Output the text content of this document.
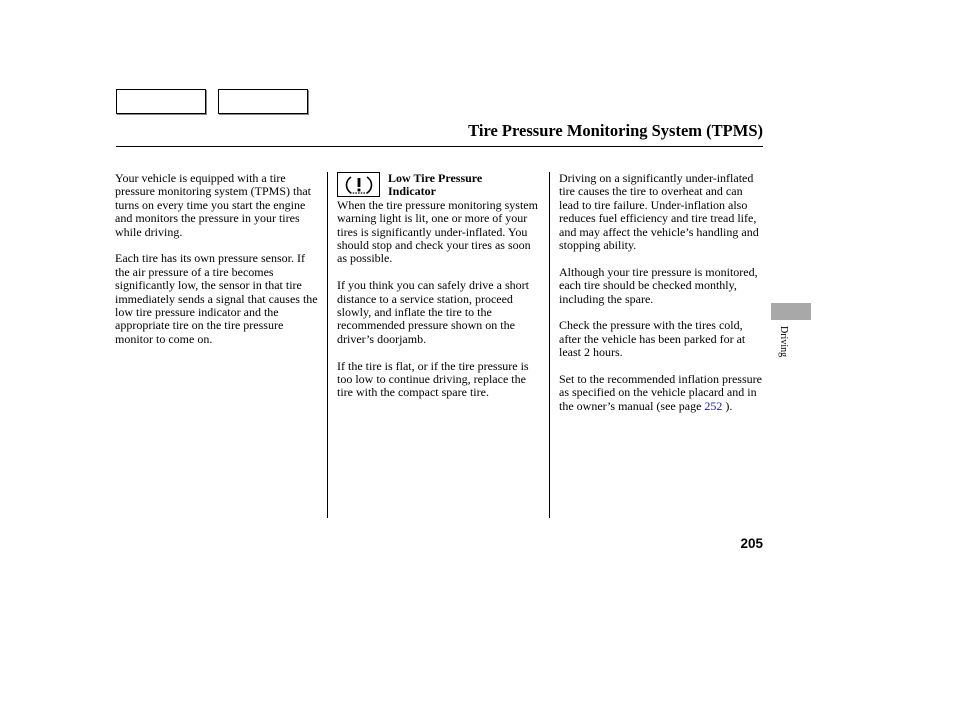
Tire Pressure Monitoring System (TPMS)

Your vehicle is equipped with a tire pressure monitoring system (TPMS) that turns on every time you start the engine and monitors the pressure in your tires while driving.

Each tire has its own pressure sensor. If the air pressure of a tire becomes significantly low, the sensor in that tire immediately sends a signal that causes the low tire pressure indicator and the appropriate tire on the tire pressure monitor to come on.

Low Tire Pressure
Indicator

When the tire pressure monitoring system warning light is lit, one or more of your tires is significantly under-inflated. You should stop and check your tires as soon as possible.

If you think you can safely drive a short distance to a service station, proceed slowly, and inflate the tire to the recommended pressure shown on the driver’s doorjamb.

If the tire is flat, or if the tire pressure is too low to continue driving, replace the tire with the compact spare tire.

Driving on a significantly under-inflated tire causes the tire to overheat and can lead to tire failure. Under-inflation also reduces fuel efficiency and tire tread life, and may affect the vehicle’s handling and stopping ability.

Although your tire pressure is monitored, each tire should be checked monthly, including the spare.

Check the pressure with the tires cold, after the vehicle has been parked for at least 2 hours.

Set to the recommended inflation pressure as specified on the vehicle placard and in the owner’s manual (see page 252 ).

Driving
205
